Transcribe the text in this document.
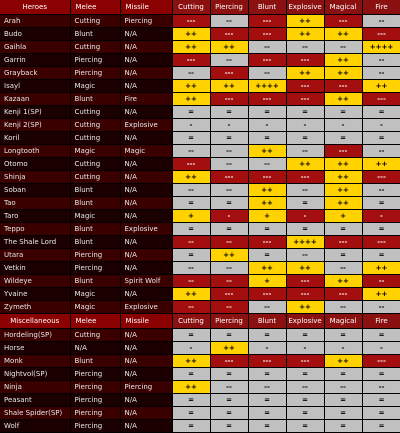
Heroes	Melee	Missile	Cutting	Piercing	Blunt	Explosive	Magical	Fire
Arah	Cutting	Piercing	---	--	---	++	---	--
Budo	Blunt	N/A	++	---	---	++	++	---
Gaihla	Cutting	N/A	++	++	--	--	--	++++
Garrin	Piercing	N/A	---	--	---	---	++	--
Grayback	Piercing	N/A	--	---	--	++	++	--
Isayl	Magic	N/A	++	++	++++	---	---	++
Kazaan	Blunt	Fire	++	---	---	---	++	---
Kenji 1(SP)	Cutting	N/A	=	=	=	=	=	=
Kenji 2(SP)	Cutting	Explosive	-	-	-	-	-	-
Koril	Cutting	N/A	=	=	=	=	=	=
Longtooth	Magic	Magic	--	--	++	--	---	--
Otomo	Cutting	N/A	---	--	--	++	++	++
Shinja	Cutting	N/A	++	---	---	---	++	---
Soban	Blunt	N/A	--	--	++	--	++	--
Tao	Blunt	N/A	=	=	++	=	++	=
Taro	Magic	N/A	+	-	+	-	+	-
Teppo	Blunt	Explosive	=	=	=	=	=	=
The Shale Lord	Blunt	N/A	--	--	---	++++	---	---
Utara	Piercing	N/A	=	++	=	--	=	=
Vetkin	Piercing	N/A	--	--	++	++	--	++
Wildeye	Blunt	Spirit Wolf	--	--	+	---	++	--
Yvaine	Magic	N/A	++	---	---	---	---	++
Zymeth	Magic	Explosive	--	--	--	++	--	--
Miscellaneous	Melee	Missile	Cutting	Piercing	Blunt	Explosive	Magical	Fire
Hordeling(SP)	Cutting	N/A	=	=	=	=	=	=
Horse	N/A	N/A	-	++	-	-	-	-
Monk	Blunt	N/A	++	---	---	---	++	---
Nightvol(SP)	Piercing	N/A	=	=	=	=	=	=
Ninja	Piercing	Piercing	++	--	--	--	--	--
Peasant	Piercing	N/A	=	=	=	=	=	=
Shale Spider(SP)	Piercing	N/A	=	=	=	=	=	=
Wolf	Piercing	N/A	=	=	=	=	=	=
